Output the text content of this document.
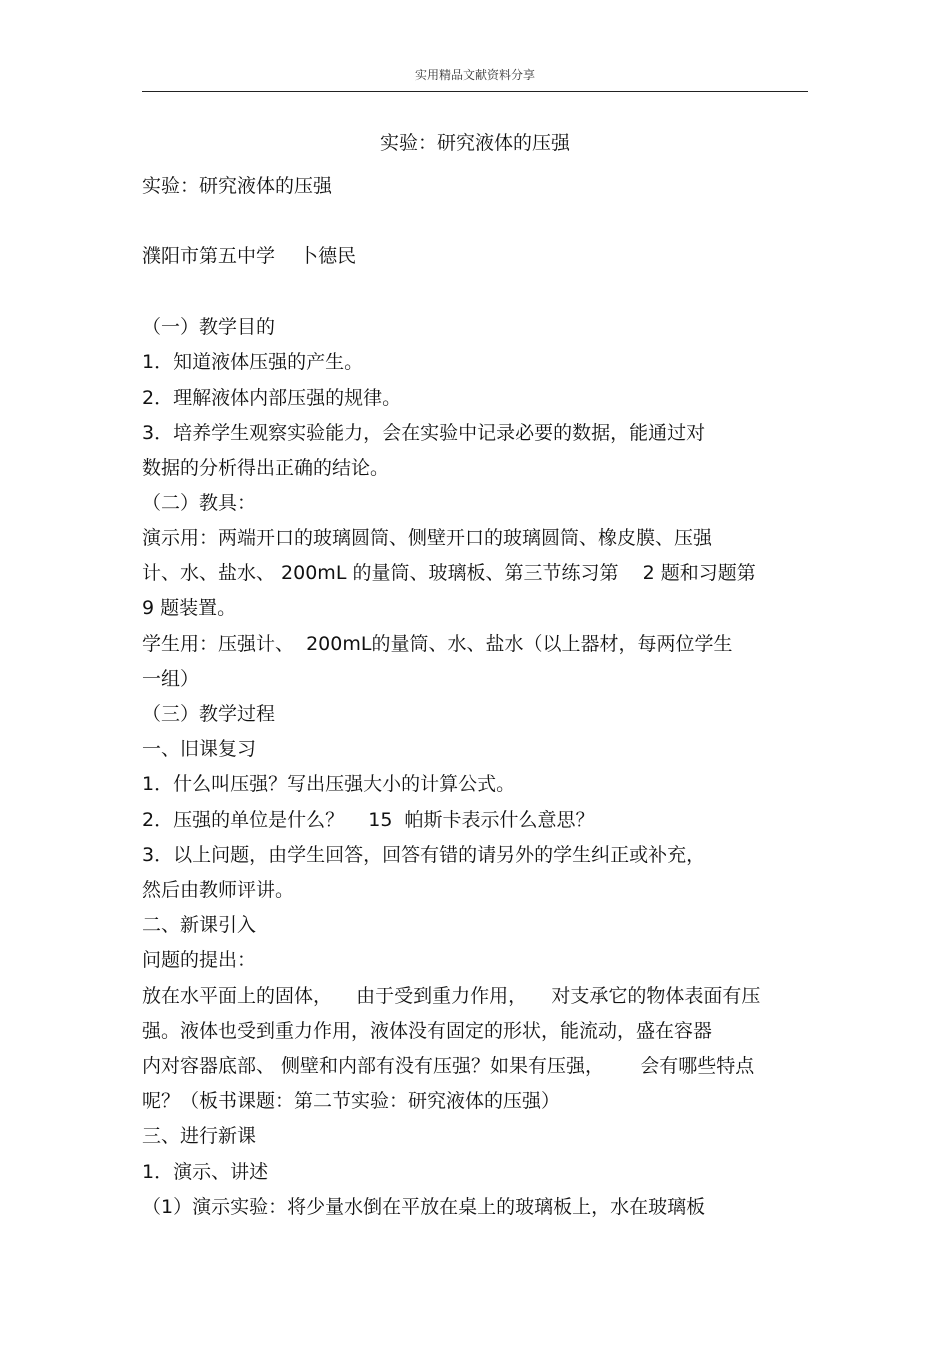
实用精品文献资料分享
实验：研究液体的压强
实验：研究液体的压强
濮阳市第五中学    卜德民
（一）教学目的
1．知道液体压强的产生。
2．理解液体内部压强的规律。
3．培养学生观察实验能力，会在实验中记录必要的数据，能通过对
数据的分析得出正确的结论。
（二）教具：
演示用：两端开口的玻璃圆筒、侧壁开口的玻璃圆筒、橡皮膜、压强
计、水、盐水、 200mL 的量筒、玻璃板、第三节练习第    2 题和习题第
9 题装置。
学生用：压强计、  200mL的量筒、水、盐水（以上器材，每两位学生
一组）
（三）教学过程
一、旧课复习
1．什么叫压强？写出压强大小的计算公式。
2．压强的单位是什么？    15  帕斯卡表示什么意思？
3．以上问题，由学生回答，回答有错的请另外的学生纠正或补充，
然后由教师评讲。
二、新课引入
问题的提出：
放在水平面上的固体，    由于受到重力作用，    对支承它的物体表面有压
强。液体也受到重力作用，液体没有固定的形状，能流动，盛在容器
内对容器底部、 侧壁和内部有没有压强？如果有压强，      会有哪些特点
呢？（板书课题：第二节实验：研究液体的压强）
三、进行新课
1．演示、讲述
（1）演示实验：将少量水倒在平放在桌上的玻璃板上，水在玻璃板
